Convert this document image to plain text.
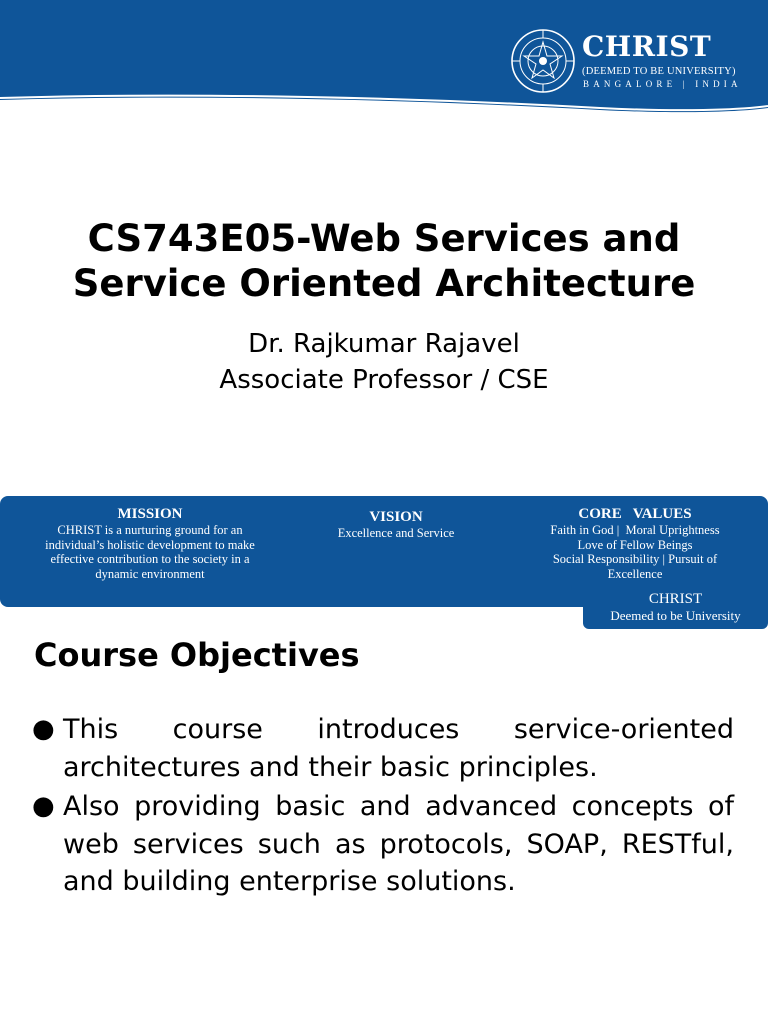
CHRIST
(DEEMED TO BE UNIVERSITY)
BANGALORE | INDIA
CS743E05-Web Services and
Service Oriented Architecture
Dr. Rajkumar Rajavel
Associate Professor / CSE
MISSION
CHRIST is a nurturing ground for an
individual’s holistic development to make
effective contribution to the society in a
dynamic environment
VISION
Excellence and Service
CORE   VALUES
Faith in God |  Moral Uprightness
Love of Fellow Beings
Social Responsibility | Pursuit of
Excellence
CHRIST
Deemed to be University
Course Objectives
● This course introduces service-oriented architectures and their basic principles.
● Also providing basic and advanced concepts of web services such as protocols, SOAP, RESTful, and building enterprise solutions.
